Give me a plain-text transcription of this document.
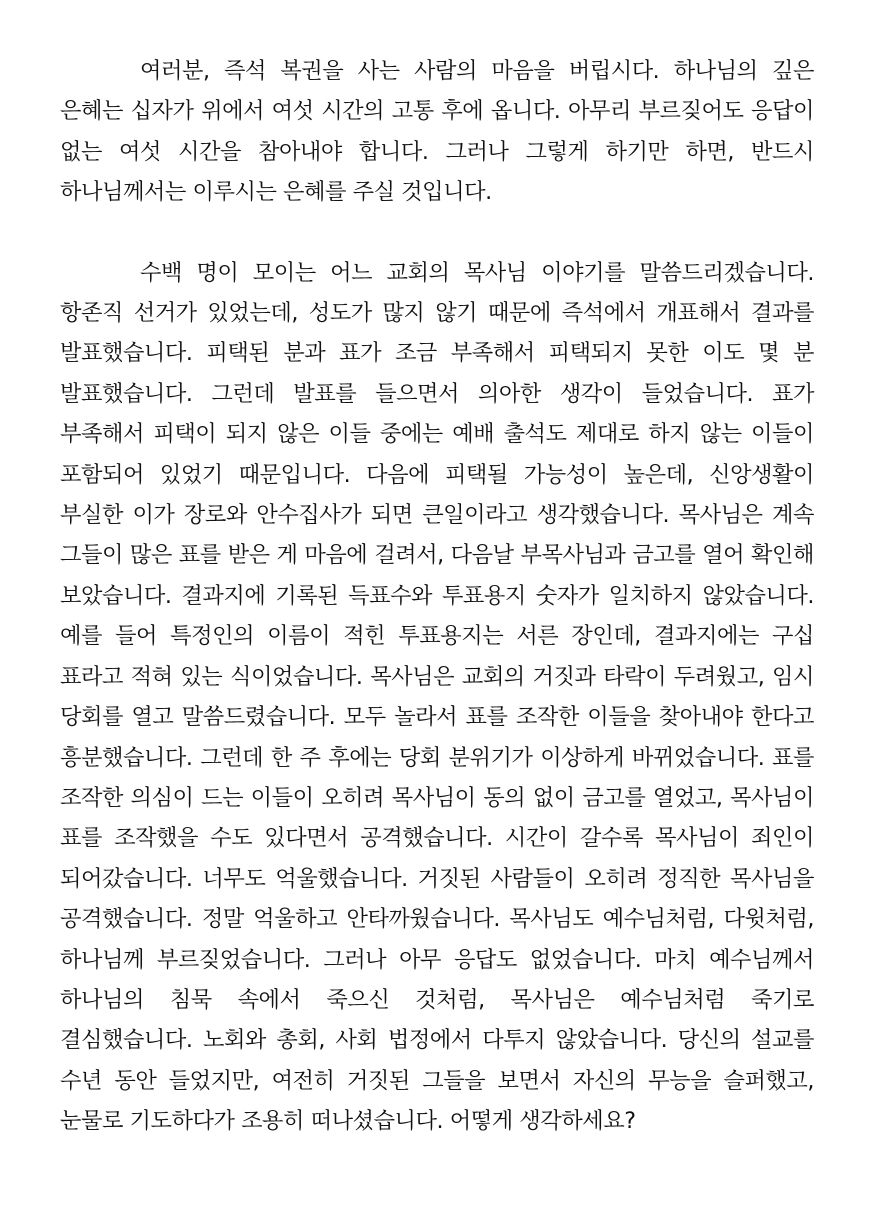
여러분, 즉석 복권을 사는 사람의 마음을 버립시다. 하나님의 깊은 은혜는 십자가 위에서 여섯 시간의 고통 후에 옵니다. 아무리 부르짖어도 응답이 없는 여섯 시간을 참아내야 합니다. 그러나 그렇게 하기만 하면, 반드시 하나님께서는 이루시는 은혜를 주실 것입니다.

수백 명이 모이는 어느 교회의 목사님 이야기를 말씀드리겠습니다. 항존직 선거가 있었는데, 성도가 많지 않기 때문에 즉석에서 개표해서 결과를 발표했습니다. 피택된 분과 표가 조금 부족해서 피택되지 못한 이도 몇 분 발표했습니다. 그런데 발표를 들으면서 의아한 생각이 들었습니다. 표가 부족해서 피택이 되지 않은 이들 중에는 예배 출석도 제대로 하지 않는 이들이 포함되어 있었기 때문입니다. 다음에 피택될 가능성이 높은데, 신앙생활이 부실한 이가 장로와 안수집사가 되면 큰일이라고 생각했습니다. 목사님은 계속 그들이 많은 표를 받은 게 마음에 걸려서, 다음날 부목사님과 금고를 열어 확인해 보았습니다. 결과지에 기록된 득표수와 투표용지 숫자가 일치하지 않았습니다. 예를 들어 특정인의 이름이 적힌 투표용지는 서른 장인데, 결과지에는 구십 표라고 적혀 있는 식이었습니다. 목사님은 교회의 거짓과 타락이 두려웠고, 임시 당회를 열고 말씀드렸습니다. 모두 놀라서 표를 조작한 이들을 찾아내야 한다고 흥분했습니다. 그런데 한 주 후에는 당회 분위기가 이상하게 바뀌었습니다. 표를 조작한 의심이 드는 이들이 오히려 목사님이 동의 없이 금고를 열었고, 목사님이 표를 조작했을 수도 있다면서 공격했습니다. 시간이 갈수록 목사님이 죄인이 되어갔습니다. 너무도 억울했습니다. 거짓된 사람들이 오히려 정직한 목사님을 공격했습니다. 정말 억울하고 안타까웠습니다. 목사님도 예수님처럼, 다윗처럼, 하나님께 부르짖었습니다. 그러나 아무 응답도 없었습니다. 마치 예수님께서 하나님의 침묵 속에서 죽으신 것처럼, 목사님은 예수님처럼 죽기로 결심했습니다. 노회와 총회, 사회 법정에서 다투지 않았습니다. 당신의 설교를 수년 동안 들었지만, 여전히 거짓된 그들을 보면서 자신의 무능을 슬퍼했고, 눈물로 기도하다가 조용히 떠나셨습니다. 어떻게 생각하세요?
